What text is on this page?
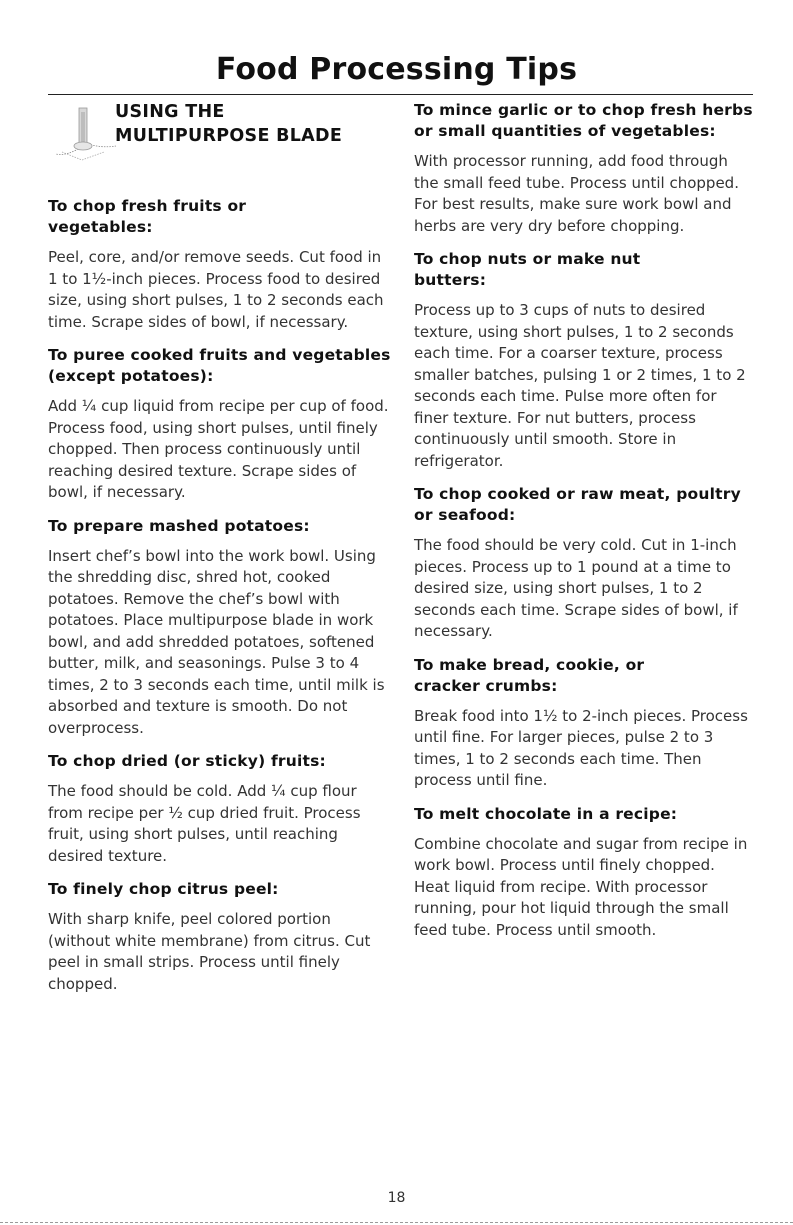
Food Processing Tips
USING THE
MULTIPURPOSE BLADE

To chop fresh fruits or vegetables:

Peel, core, and/or remove seeds. Cut food in 1 to 1½-inch pieces. Process food to desired size, using short pulses, 1 to 2 seconds each time. Scrape sides of bowl, if necessary.

To puree cooked fruits and vegetables (except potatoes):

Add ¼ cup liquid from recipe per cup of food. Process food, using short pulses, until finely chopped. Then process continuously until reaching desired texture. Scrape sides of bowl, if necessary.

To prepare mashed potatoes:

Insert chef’s bowl into the work bowl. Using the shredding disc, shred hot, cooked potatoes. Remove the chef’s bowl with potatoes. Place multipurpose blade in work bowl, and add shredded potatoes, softened butter, milk, and seasonings. Pulse 3 to 4 times, 2 to 3 seconds each time, until milk is absorbed and texture is smooth. Do not overprocess.

To chop dried (or sticky) fruits:

The food should be cold. Add ¼ cup flour from recipe per ½ cup dried fruit. Process fruit, using short pulses, until reaching desired texture.

To finely chop citrus peel:

With sharp knife, peel colored portion (without white membrane) from citrus. Cut peel in small strips. Process until finely chopped.

To mince garlic or to chop fresh herbs or small quantities of vegetables:

With processor running, add food through the small feed tube. Process until chopped. For best results, make sure work bowl and herbs are very dry before chopping.

To chop nuts or make nut butters:

Process up to 3 cups of nuts to desired texture, using short pulses, 1 to 2 seconds each time. For a coarser texture, process smaller batches, pulsing 1 or 2 times, 1 to 2 seconds each time. Pulse more often for finer texture. For nut butters, process continuously until smooth. Store in refrigerator.

To chop cooked or raw meat, poultry or seafood:

The food should be very cold. Cut in 1-inch pieces. Process up to 1 pound at a time to desired size, using short pulses, 1 to 2 seconds each time. Scrape sides of bowl, if necessary.

To make bread, cookie, or cracker crumbs:

Break food into 1½ to 2-inch pieces. Process until fine. For larger pieces, pulse 2 to 3 times, 1 to 2 seconds each time. Then process until fine.

To melt chocolate in a recipe:

Combine chocolate and sugar from recipe in work bowl. Process until finely chopped. Heat liquid from recipe. With processor running, pour hot liquid through the small feed tube. Process until smooth.

18
